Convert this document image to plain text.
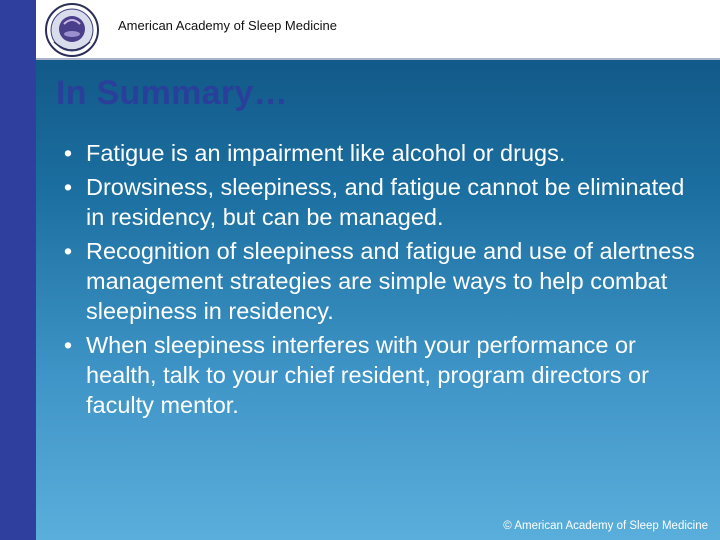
American Academy of Sleep Medicine
In Summary…
• Fatigue is an impairment like alcohol or drugs.
• Drowsiness, sleepiness, and fatigue cannot be eliminated in residency, but can be managed.
• Recognition of sleepiness and fatigue and use of alertness management strategies are simple ways to help combat sleepiness in residency.
• When sleepiness interferes with your performance or health, talk to your chief resident, program directors or faculty mentor.
© American Academy of Sleep Medicine
